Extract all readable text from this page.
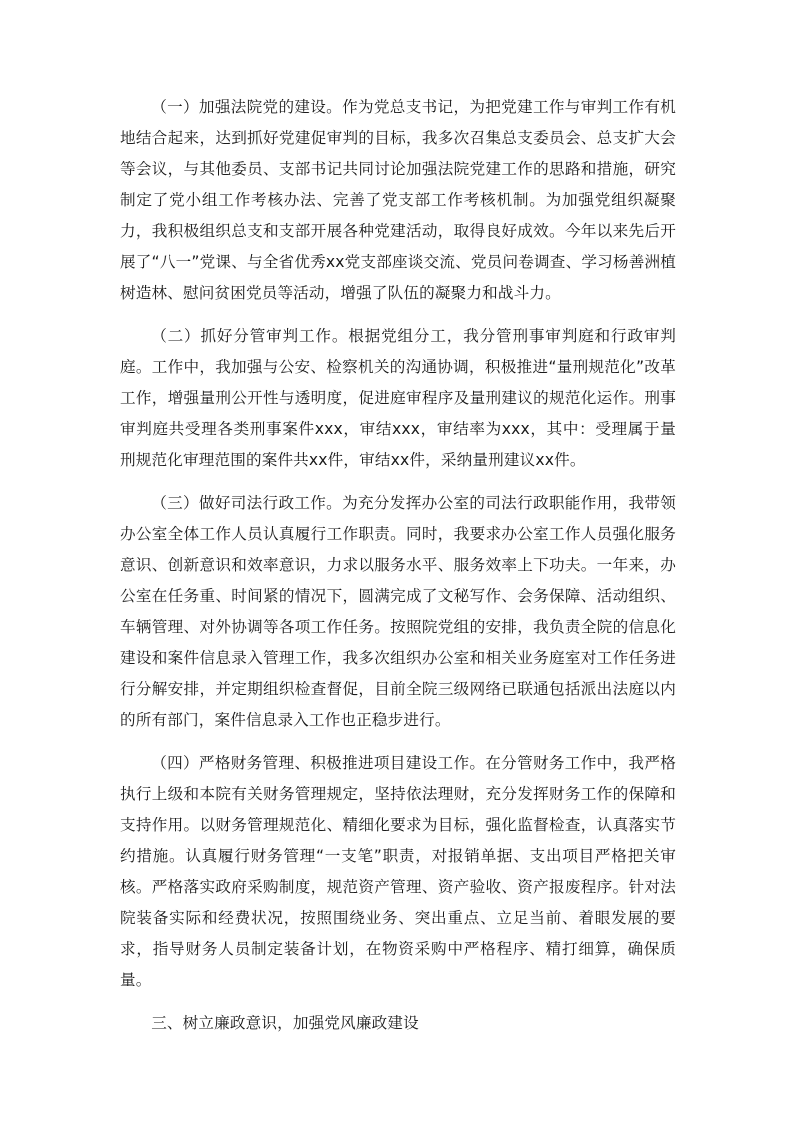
（一）加强法院党的建设。作为党总支书记，为把党建工作与审判工作有机地结合起来，达到抓好党建促审判的目标，我多次召集总支委员会、总支扩大会等会议，与其他委员、支部书记共同讨论加强法院党建工作的思路和措施，研究制定了党小组工作考核办法、完善了党支部工作考核机制。为加强党组织凝聚力，我积极组织总支和支部开展各种党建活动，取得良好成效。今年以来先后开展了“八一”党课、与全省优秀xx党支部座谈交流、党员问卷调查、学习杨善洲植树造林、慰问贫困党员等活动，增强了队伍的凝聚力和战斗力。

（二）抓好分管审判工作。根据党组分工，我分管刑事审判庭和行政审判庭。工作中，我加强与公安、检察机关的沟通协调，积极推进“量刑规范化”改革工作，增强量刑公开性与透明度，促进庭审程序及量刑建议的规范化运作。刑事审判庭共受理各类刑事案件xxx，审结xxx，审结率为xxx，其中：受理属于量刑规范化审理范围的案件共xx件，审结xx件，采纳量刑建议xx件。

（三）做好司法行政工作。为充分发挥办公室的司法行政职能作用，我带领办公室全体工作人员认真履行工作职责。同时，我要求办公室工作人员强化服务意识、创新意识和效率意识，力求以服务水平、服务效率上下功夫。一年来，办公室在任务重、时间紧的情况下，圆满完成了文秘写作、会务保障、活动组织、车辆管理、对外协调等各项工作任务。按照院党组的安排，我负责全院的信息化建设和案件信息录入管理工作，我多次组织办公室和相关业务庭室对工作任务进行分解安排，并定期组织检查督促，目前全院三级网络已联通包括派出法庭以内的所有部门，案件信息录入工作也正稳步进行。

（四）严格财务管理、积极推进项目建设工作。在分管财务工作中，我严格执行上级和本院有关财务管理规定，坚持依法理财，充分发挥财务工作的保障和支持作用。以财务管理规范化、精细化要求为目标，强化监督检查，认真落实节约措施。认真履行财务管理“一支笔”职责，对报销单据、支出项目严格把关审核。严格落实政府采购制度，规范资产管理、资产验收、资产报废程序。针对法院装备实际和经费状况，按照围绕业务、突出重点、立足当前、着眼发展的要求，指导财务人员制定装备计划，在物资采购中严格程序、精打细算，确保质量。

三、树立廉政意识，加强党风廉政建设
